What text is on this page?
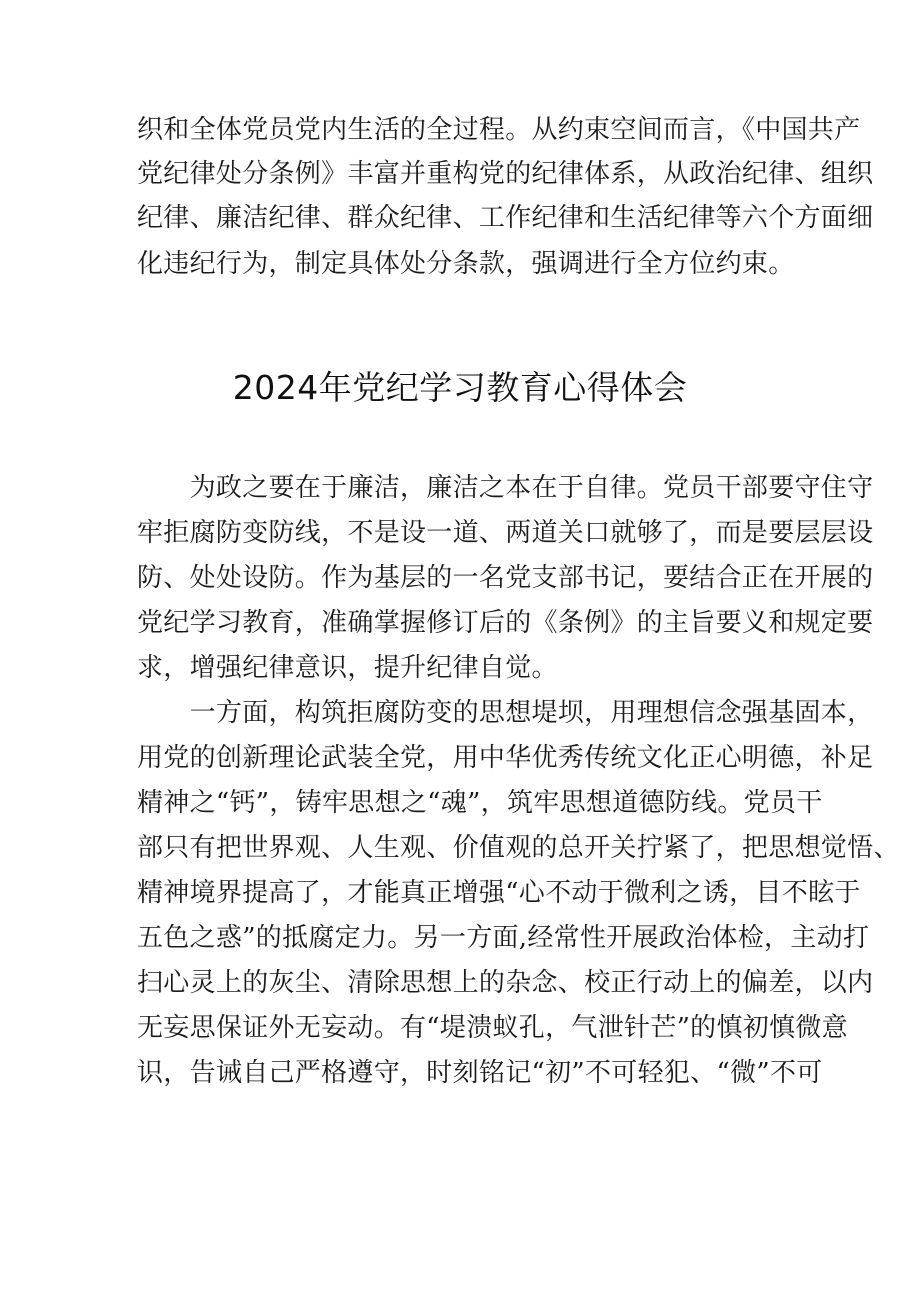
织和全体党员党内生活的全过程。从约束空间而言，《中国共产
党纪律处分条例》丰富并重构党的纪律体系，从政治纪律、组织
纪律、廉洁纪律、群众纪律、工作纪律和生活纪律等六个方面细
化违纪行为，制定具体处分条款，强调进行全方位约束。
2024年党纪学习教育心得体会
　　为政之要在于廉洁，廉洁之本在于自律。党员干部要守住守
牢拒腐防变防线，不是设一道、两道关口就够了，而是要层层设
防、处处设防。作为基层的一名党支部书记，要结合正在开展的
党纪学习教育，准确掌握修订后的《条例》的主旨要义和规定要
求，增强纪律意识，提升纪律自觉。
　　一方面，构筑拒腐防变的思想堤坝，用理想信念强基固本，
用党的创新理论武装全党，用中华优秀传统文化正心明德，补足
精神之“钙”，铸牢思想之“魂”，筑牢思想道德防线。党员干
部只有把世界观、人生观、价值观的总开关拧紧了，把思想觉悟、
精神境界提高了，才能真正增强“心不动于微利之诱，目不眩于
五色之惑”的抵腐定力。另一方面,经常性开展政治体检，主动打
扫心灵上的灰尘、清除思想上的杂念、校正行动上的偏差，以内
无妄思保证外无妄动。有“堤溃蚁孔，气泄针芒”的慎初慎微意
识，告诫自己严格遵守，时刻铭记“初”不可轻犯、“微”不可
